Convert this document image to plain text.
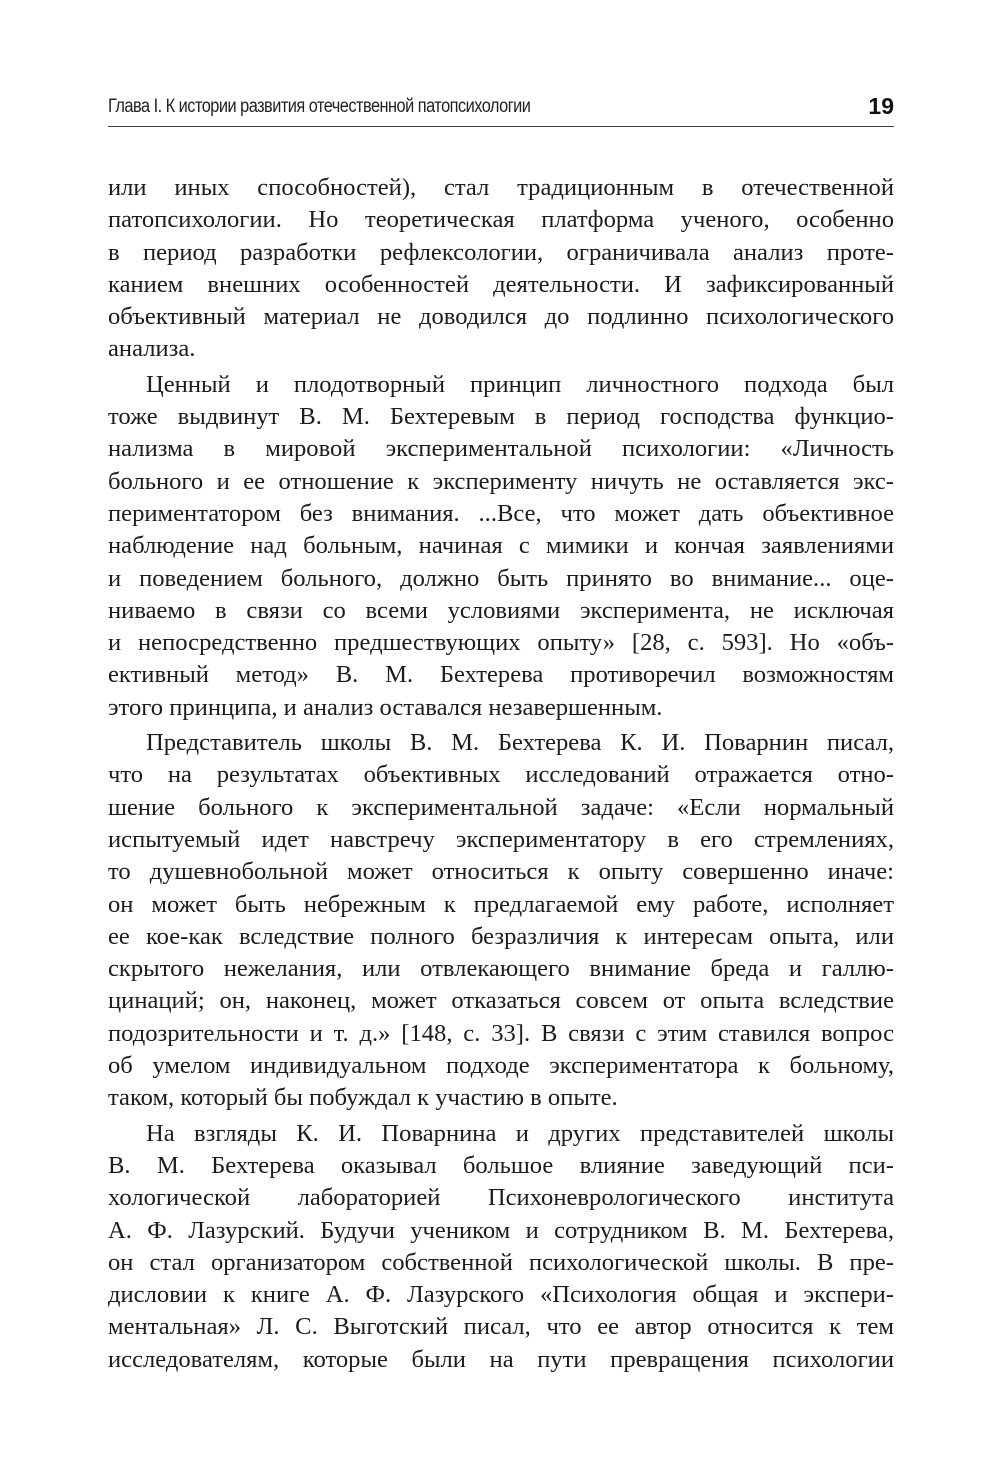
Глава I. К истории развития отечественной патопсихологии	19
или иных способностей), стал традиционным в отечественной
патопсихологии. Но теоретическая платформа ученого, особенно
в период разработки рефлексологии, ограничивала анализ проте-
канием внешних особенностей деятельности. И зафиксированный
объективный материал не доводился до подлинно психологического
анализа.
Ценный и плодотворный принцип личностного подхода был
тоже выдвинут В. М. Бехтеревым в период господства функцио-
нализма в мировой экспериментальной психологии: «Личность
больного и ее отношение к эксперименту ничуть не оставляется экс-
периментатором без внимания. ...Все, что может дать объективное
наблюдение над больным, начиная с мимики и кончая заявлениями
и поведением больного, должно быть принято во внимание... оце-
ниваемо в связи со всеми условиями эксперимента, не исключая
и непосредственно предшествующих опыту» [28, с. 593]. Но «объ-
ективный метод» В. М. Бехтерева противоречил возможностям
этого принципа, и анализ оставался незавершенным.
Представитель школы В. М. Бехтерева К. И. Поварнин писал,
что на результатах объективных исследований отражается отно-
шение больного к экспериментальной задаче: «Если нормальный
испытуемый идет навстречу экспериментатору в его стремлениях,
то душевнобольной может относиться к опыту совершенно иначе:
он может быть небрежным к предлагаемой ему работе, исполняет
ее кое-как вследствие полного безразличия к интересам опыта, или
скрытого нежелания, или отвлекающего внимание бреда и галлю-
цинаций; он, наконец, может отказаться совсем от опыта вследствие
подозрительности и т. д.» [148, с. 33]. В связи с этим ставился вопрос
об умелом индивидуальном подходе экспериментатора к больному,
таком, который бы побуждал к участию в опыте.
На взгляды К. И. Поварнина и других представителей школы
В. М. Бехтерева оказывал большое влияние заведующий пси-
хологической лабораторией Психоневрологического института
А. Ф. Лазурский. Будучи учеником и сотрудником В. М. Бехтерева,
он стал организатором собственной психологической школы. В пре-
дисловии к книге А. Ф. Лазурского «Психология общая и экспери-
ментальная» Л. С. Выготский писал, что ее автор относится к тем
исследователям, которые были на пути превращения психологии
